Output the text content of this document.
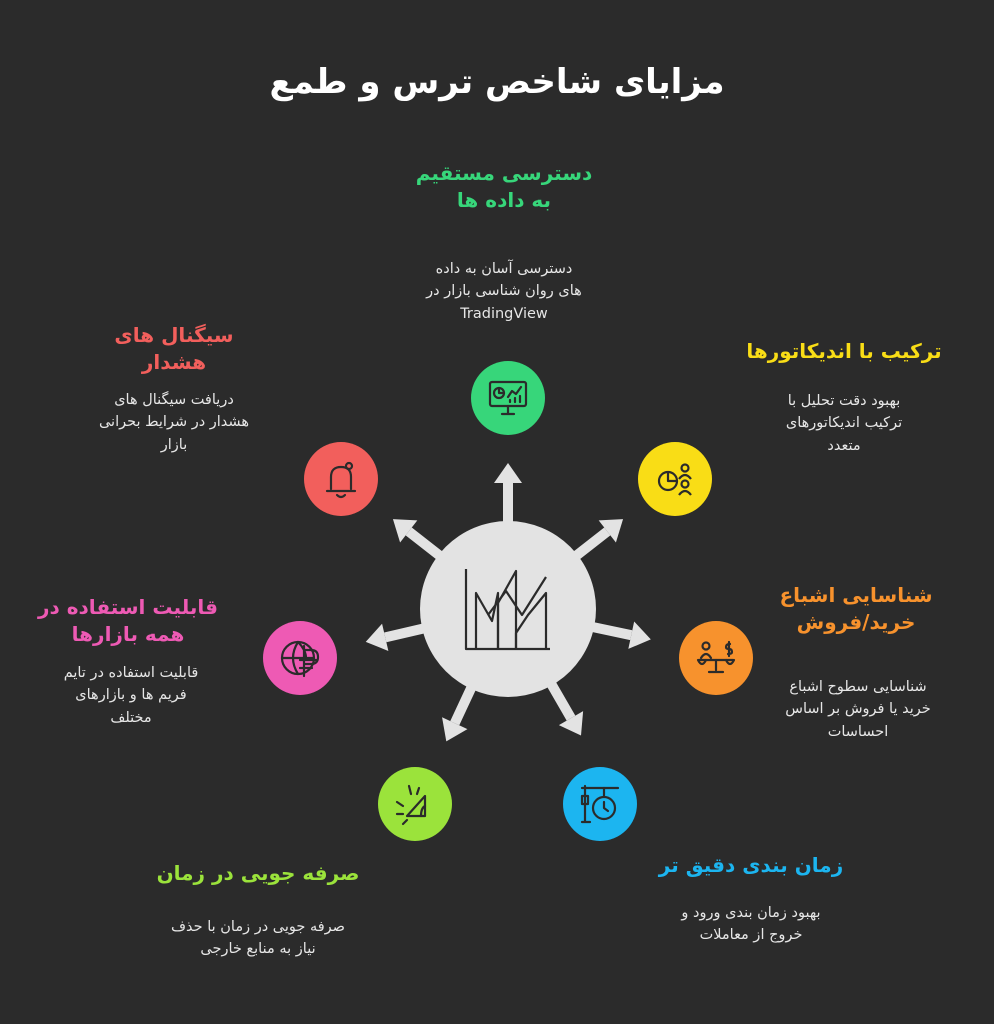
مزایای شاخص ترس و طمع
دسترسی مستقیم
به داده ها
دسترسی آسان به داده
های روان شناسی بازار در
TradingView
ترکیب با اندیکاتورها
بهبود دقت تحلیل با
ترکیب اندیکاتورهای
متعدد
شناسایی اشباع
خرید/فروش
شناسایی سطوح اشباع
خرید یا فروش بر اساس
احساسات
زمان بندی دقیق تر
بهبود زمان بندی ورود و
خروج از معاملات
صرفه جویی در زمان
صرفه جویی در زمان با حذف
نیاز به منابع خارجی
قابلیت استفاده در
همه بازارها
قابلیت استفاده در تایم
فریم ها و بازارهای
مختلف
سیگنال های
هشدار
دریافت سیگنال های
هشدار در شرایط بحرانی
بازار
